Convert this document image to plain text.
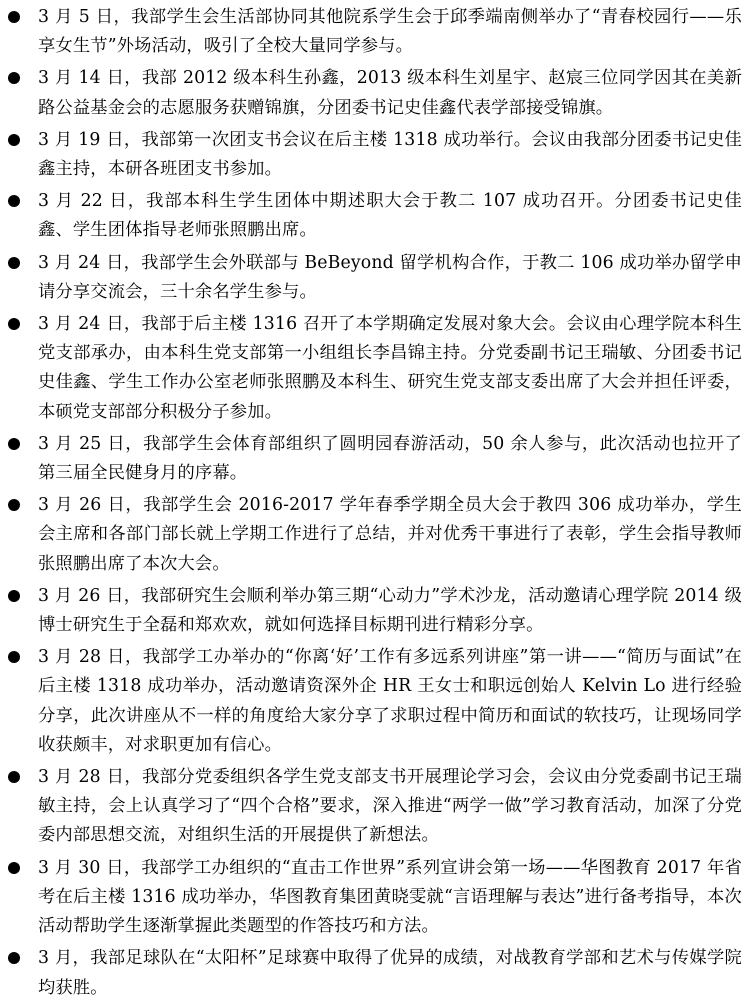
3 月 5 日，我部学生会生活部协同其他院系学生会于邱季端南侧举办了“青春校园行——乐享女生节”外场活动，吸引了全校大量同学参与。
3 月 14 日，我部 2012 级本科生孙鑫，2013 级本科生刘星宇、赵宸三位同学因其在美新路公益基金会的志愿服务获赠锦旗，分团委书记史佳鑫代表学部接受锦旗。
3 月 19 日，我部第一次团支书会议在后主楼 1318 成功举行。会议由我部分团委书记史佳鑫主持，本研各班团支书参加。
3 月 22 日，我部本科生学生团体中期述职大会于教二 107 成功召开。分团委书记史佳鑫、学生团体指导老师张照鹏出席。
3 月 24 日，我部学生会外联部与 BeBeyond 留学机构合作，于教二 106 成功举办留学申请分享交流会，三十余名学生参与。
3 月 24 日，我部于后主楼 1316 召开了本学期确定发展对象大会。会议由心理学院本科生党支部承办，由本科生党支部第一小组组长李昌锦主持。分党委副书记王瑞敏、分团委书记史佳鑫、学生工作办公室老师张照鹏及本科生、研究生党支部支委出席了大会并担任评委，本硕党支部部分积极分子参加。
3 月 25 日，我部学生会体育部组织了圆明园春游活动，50 余人参与，此次活动也拉开了第三届全民健身月的序幕。
3 月 26 日，我部学生会 2016-2017 学年春季学期全员大会于教四 306 成功举办，学生会主席和各部门部长就上学期工作进行了总结，并对优秀干事进行了表彰，学生会指导教师张照鹏出席了本次大会。
3 月 26 日，我部研究生会顺利举办第三期“心动力”学术沙龙，活动邀请心理学院 2014 级博士研究生于全磊和郑欢欢，就如何选择目标期刊进行精彩分享。
3 月 28 日，我部学工办举办的“你离‘好’工作有多远系列讲座”第一讲——“简历与面试”在后主楼 1318 成功举办，活动邀请资深外企 HR 王女士和职远创始人 Kelvin Lo 进行经验分享，此次讲座从不一样的角度给大家分享了求职过程中简历和面试的软技巧，让现场同学收获颇丰，对求职更加有信心。
3 月 28 日，我部分党委组织各学生党支部支书开展理论学习会，会议由分党委副书记王瑞敏主持，会上认真学习了“四个合格”要求，深入推进“两学一做”学习教育活动，加深了分党委内部思想交流，对组织生活的开展提供了新想法。
3 月 30 日，我部学工办组织的“直击工作世界”系列宣讲会第一场——华图教育 2017 年省考在后主楼 1316 成功举办，华图教育集团黄晓雯就“言语理解与表达”进行备考指导，本次活动帮助学生逐渐掌握此类题型的作答技巧和方法。
3 月，我部足球队在“太阳杯”足球赛中取得了优异的成绩，对战教育学部和艺术与传媒学院均获胜。
